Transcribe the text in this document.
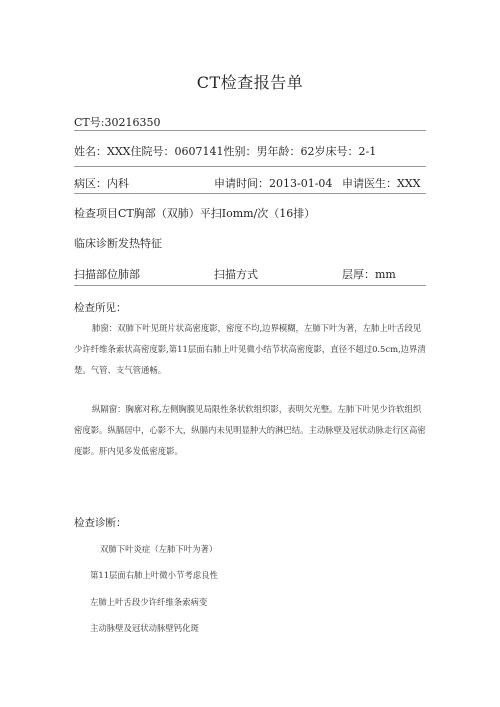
CT检查报告单
CT号:30216350
姓名：XXX住院号：0607141性别：男年龄：62岁床号：2-1
病区：内科	申请时间：2013-01-04 申请医生：XXX
检查项目CT胸部（双肺）平扫Iomm/次（16排）
临床诊断发热特征
扫描部位肺部	扫描方式	层厚：mm
检查所见：
肺窗：双肺下叶见斑片状高密度影，密度不均,边界模糊，左肺下叶为著，左肺上叶舌段见少许纤维条索状高密度影,第11层面右肺上叶见微小结节状高密度影，直径不超过0.5cm,边界清楚。气管、支气管通畅。
纵隔窗：胸廓对称,左侧胸膜见局限性条状软组织影，表明欠光整。左肺下叶见少许软组织密度影。纵膈居中，心影不大，纵膈内未见明显肿大的淋巴结。主动脉壁及冠状动脉走行区高密度影。肝内见多发低密度影。
检查诊断：
双肺下叶炎症（左肺下叶为著）
第11层面右肺上叶微小节考虑良性
左肺上叶舌段少许纤维条索病变
主动脉壁及冠状动脉壁钙化斑
